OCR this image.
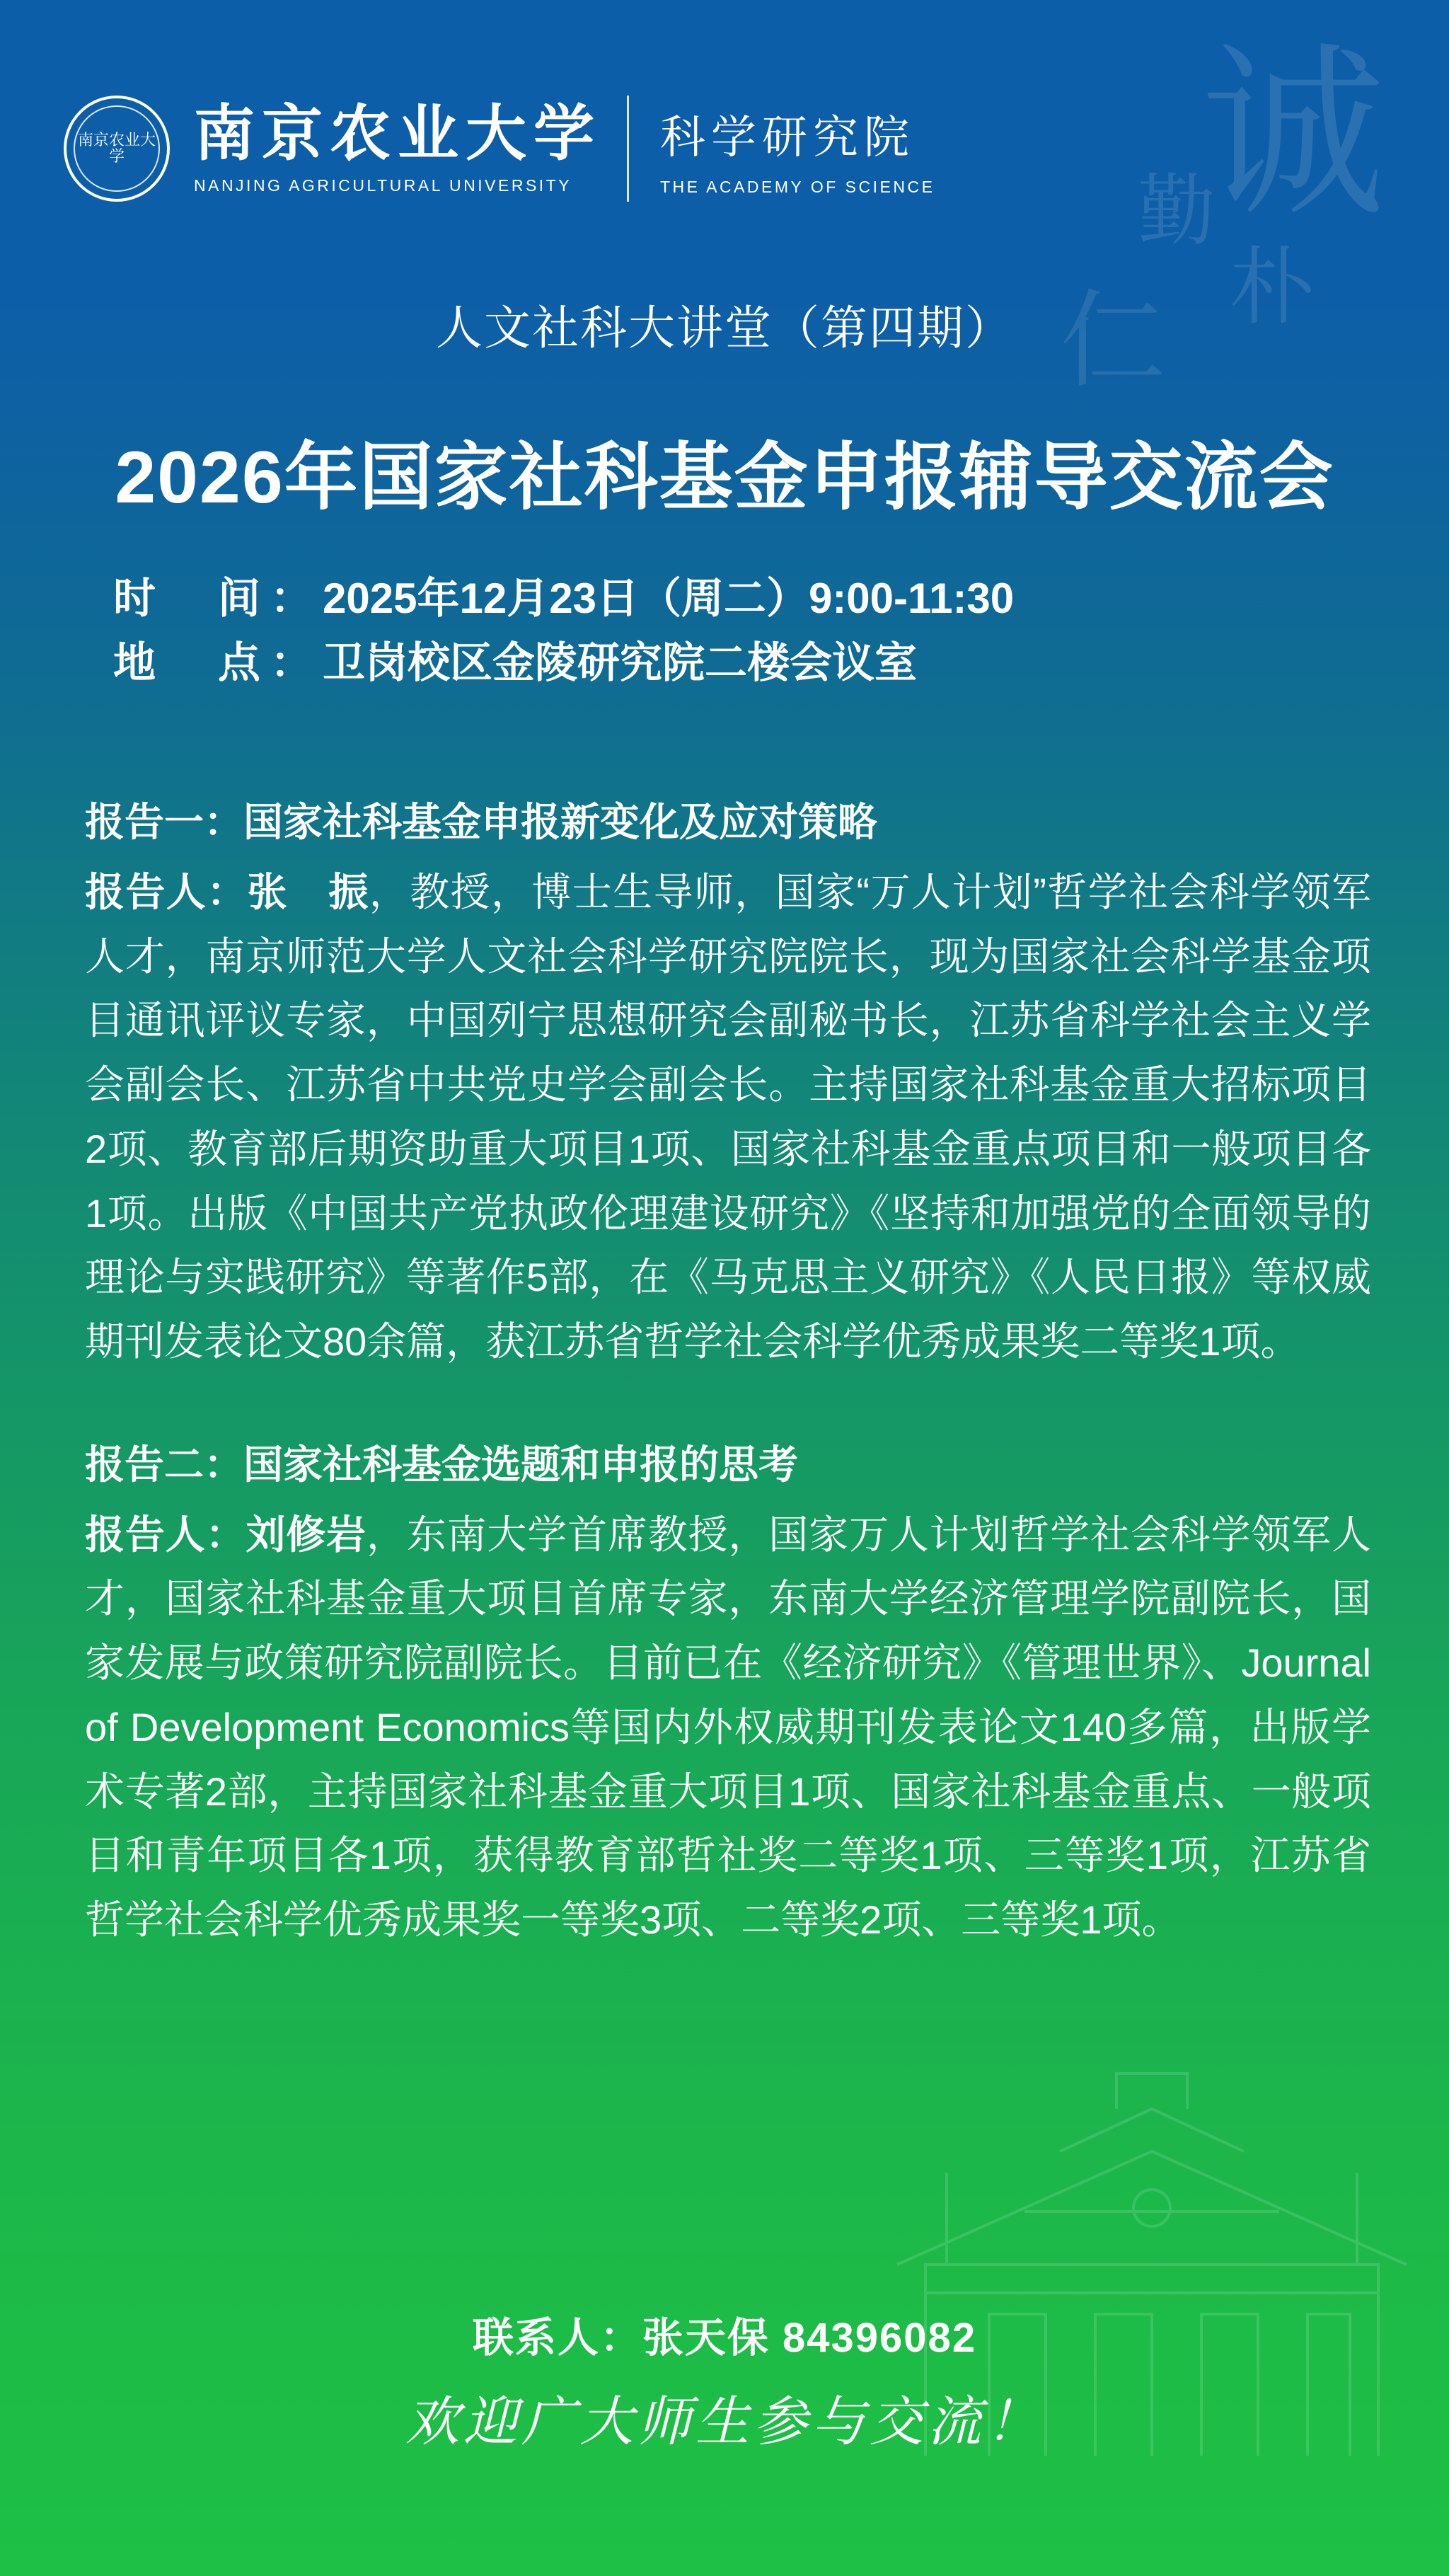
诚
勤
朴
仁
南京农业大学	南京农业大学
NANJING AGRICULTURAL UNIVERSITY
科学研究院
THE ACADEMY OF SCIENCE
人文社科大讲堂（第四期）
2026年国家社科基金申报辅导交流会
时　间：2025年12月23日（周二）9:00-11:30
地　点：卫岗校区金陵研究院二楼会议室
报告一：国家社科基金申报新变化及应对策略
报告人：张　振，教授，博士生导师，国家“万人计划”哲学社会科学领军人才，南京师范大学人文社会科学研究院院长，现为国家社会科学基金项目通讯评议专家，中国列宁思想研究会副秘书长，江苏省科学社会主义学会副会长、江苏省中共党史学会副会长。主持国家社科基金重大招标项目2项、教育部后期资助重大项目1项、国家社科基金重点项目和一般项目各1项。出版《中国共产党执政伦理建设研究》《坚持和加强党的全面领导的理论与实践研究》等著作5部，在《马克思主义研究》《人民日报》等权威期刊发表论文80余篇，获江苏省哲学社会科学优秀成果奖二等奖1项。
报告二：国家社科基金选题和申报的思考
报告人：刘修岩，东南大学首席教授，国家万人计划哲学社会科学领军人才，国家社科基金重大项目首席专家，东南大学经济管理学院副院长，国家发展与政策研究院副院长。目前已在《经济研究》《管理世界》、Journal of Development Economics等国内外权威期刊发表论文140多篇，出版学术专著2部，主持国家社科基金重大项目1项、国家社科基金重点、一般项目和青年项目各1项，获得教育部哲社奖二等奖1项、三等奖1项，江苏省哲学社会科学优秀成果奖一等奖3项、二等奖2项、三等奖1项。
联系人：张天保 84396082
欢迎广大师生参与交流！
